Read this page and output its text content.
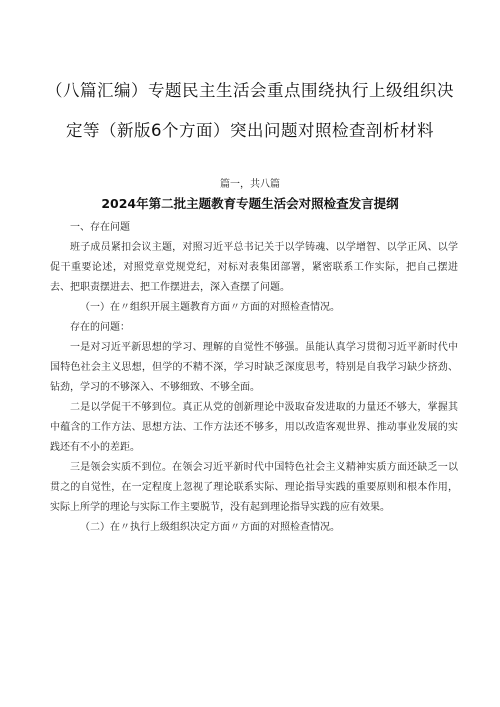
（八篇汇编）专题民主生活会重点围绕执行上级组织决
定等（新版6个方面）突出问题对照检查剖析材料
篇一，共八篇
2024年第二批主题教育专题生活会对照检查发言提纲

一、存在问题

班子成员紧扣会议主题，对照习近平总书记关于以学铸魂、以学增智、以学正风、以学促干重要论述，对照党章党规党纪，对标对表集团部署，紧密联系工作实际，把自己摆进去、把职责摆进去、把工作摆进去，深入查摆了问题。

（一）在〃组织开展主题教育方面〃方面的对照检查情况。

存在的问题：

一是对习近平新思想的学习、理解的自觉性不够强。虽能认真学习贯彻习近平新时代中国特色社会主义思想，但学的不精不深，学习时缺乏深度思考，特别是自我学习缺少挤劲、钻劲，学习的不够深入、不够细致、不够全面。

二是以学促干不够到位。真正从党的创新理论中汲取奋发进取的力量还不够大，掌握其中蕴含的工作方法、思想方法、工作方法还不够多，用以改造客观世界、推动事业发展的实践还有不小的差距。

三是领会实质不到位。在领会习近平新时代中国特色社会主义精神实质方面还缺乏一以贯之的自觉性，在一定程度上忽视了理论联系实际、理论指导实践的重要原则和根本作用，实际上所学的理论与实际工作主要脱节，没有起到理论指导实践的应有效果。

（二）在〃执行上级组织决定方面〃方面的对照检查情况。
